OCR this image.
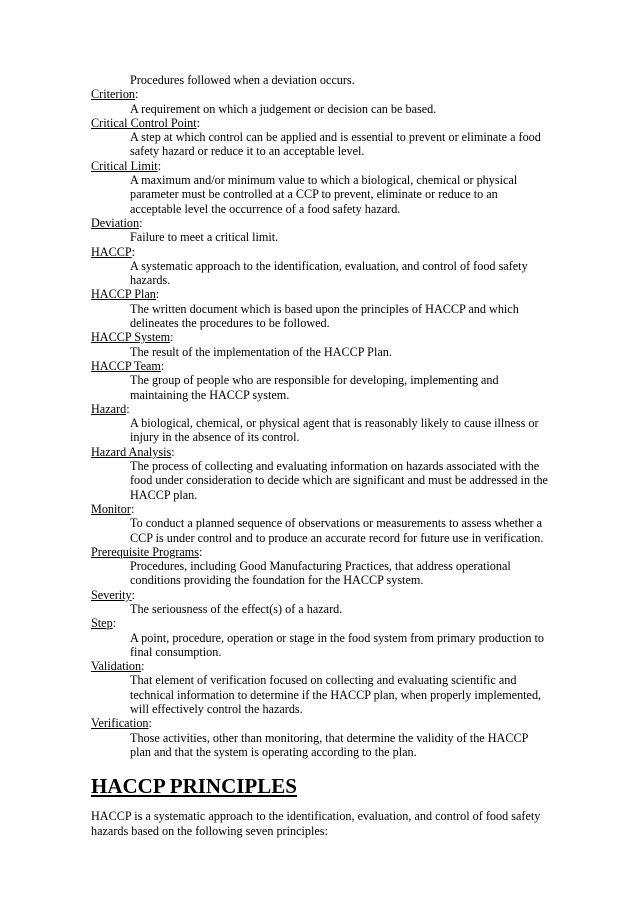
Procedures followed when a deviation occurs.
Criterion:
A requirement on which a judgement or decision can be based.
Critical Control Point:
A step at which control can be applied and is essential to prevent or eliminate a food safety hazard or reduce it to an acceptable level.
Critical Limit:
A maximum and/or minimum value to which a biological, chemical or physical parameter must be controlled at a CCP to prevent, eliminate or reduce to an acceptable level the occurrence of a food safety hazard.
Deviation:
Failure to meet a critical limit.
HACCP:
A systematic approach to the identification, evaluation, and control of food safety hazards.
HACCP Plan:
The written document which is based upon the principles of HACCP and which delineates the procedures to be followed.
HACCP System:
The result of the implementation of the HACCP Plan.
HACCP Team:
The group of people who are responsible for developing, implementing and maintaining the HACCP system.
Hazard:
A biological, chemical, or physical agent that is reasonably likely to cause illness or injury in the absence of its control.
Hazard Analysis:
The process of collecting and evaluating information on hazards associated with the food under consideration to decide which are significant and must be addressed in the HACCP plan.
Monitor:
To conduct a planned sequence of observations or measurements to assess whether a CCP is under control and to produce an accurate record for future use in verification.
Prerequisite Programs:
Procedures, including Good Manufacturing Practices, that address operational conditions providing the foundation for the HACCP system.
Severity:
The seriousness of the effect(s) of a hazard.
Step:
A point, procedure, operation or stage in the food system from primary production to final consumption.
Validation:
That element of verification focused on collecting and evaluating scientific and technical information to determine if the HACCP plan, when properly implemented, will effectively control the hazards.
Verification:
Those activities, other than monitoring, that determine the validity of the HACCP plan and that the system is operating according to the plan.
HACCP PRINCIPLES
HACCP is a systematic approach to the identification, evaluation, and control of food safety hazards based on the following seven principles:
